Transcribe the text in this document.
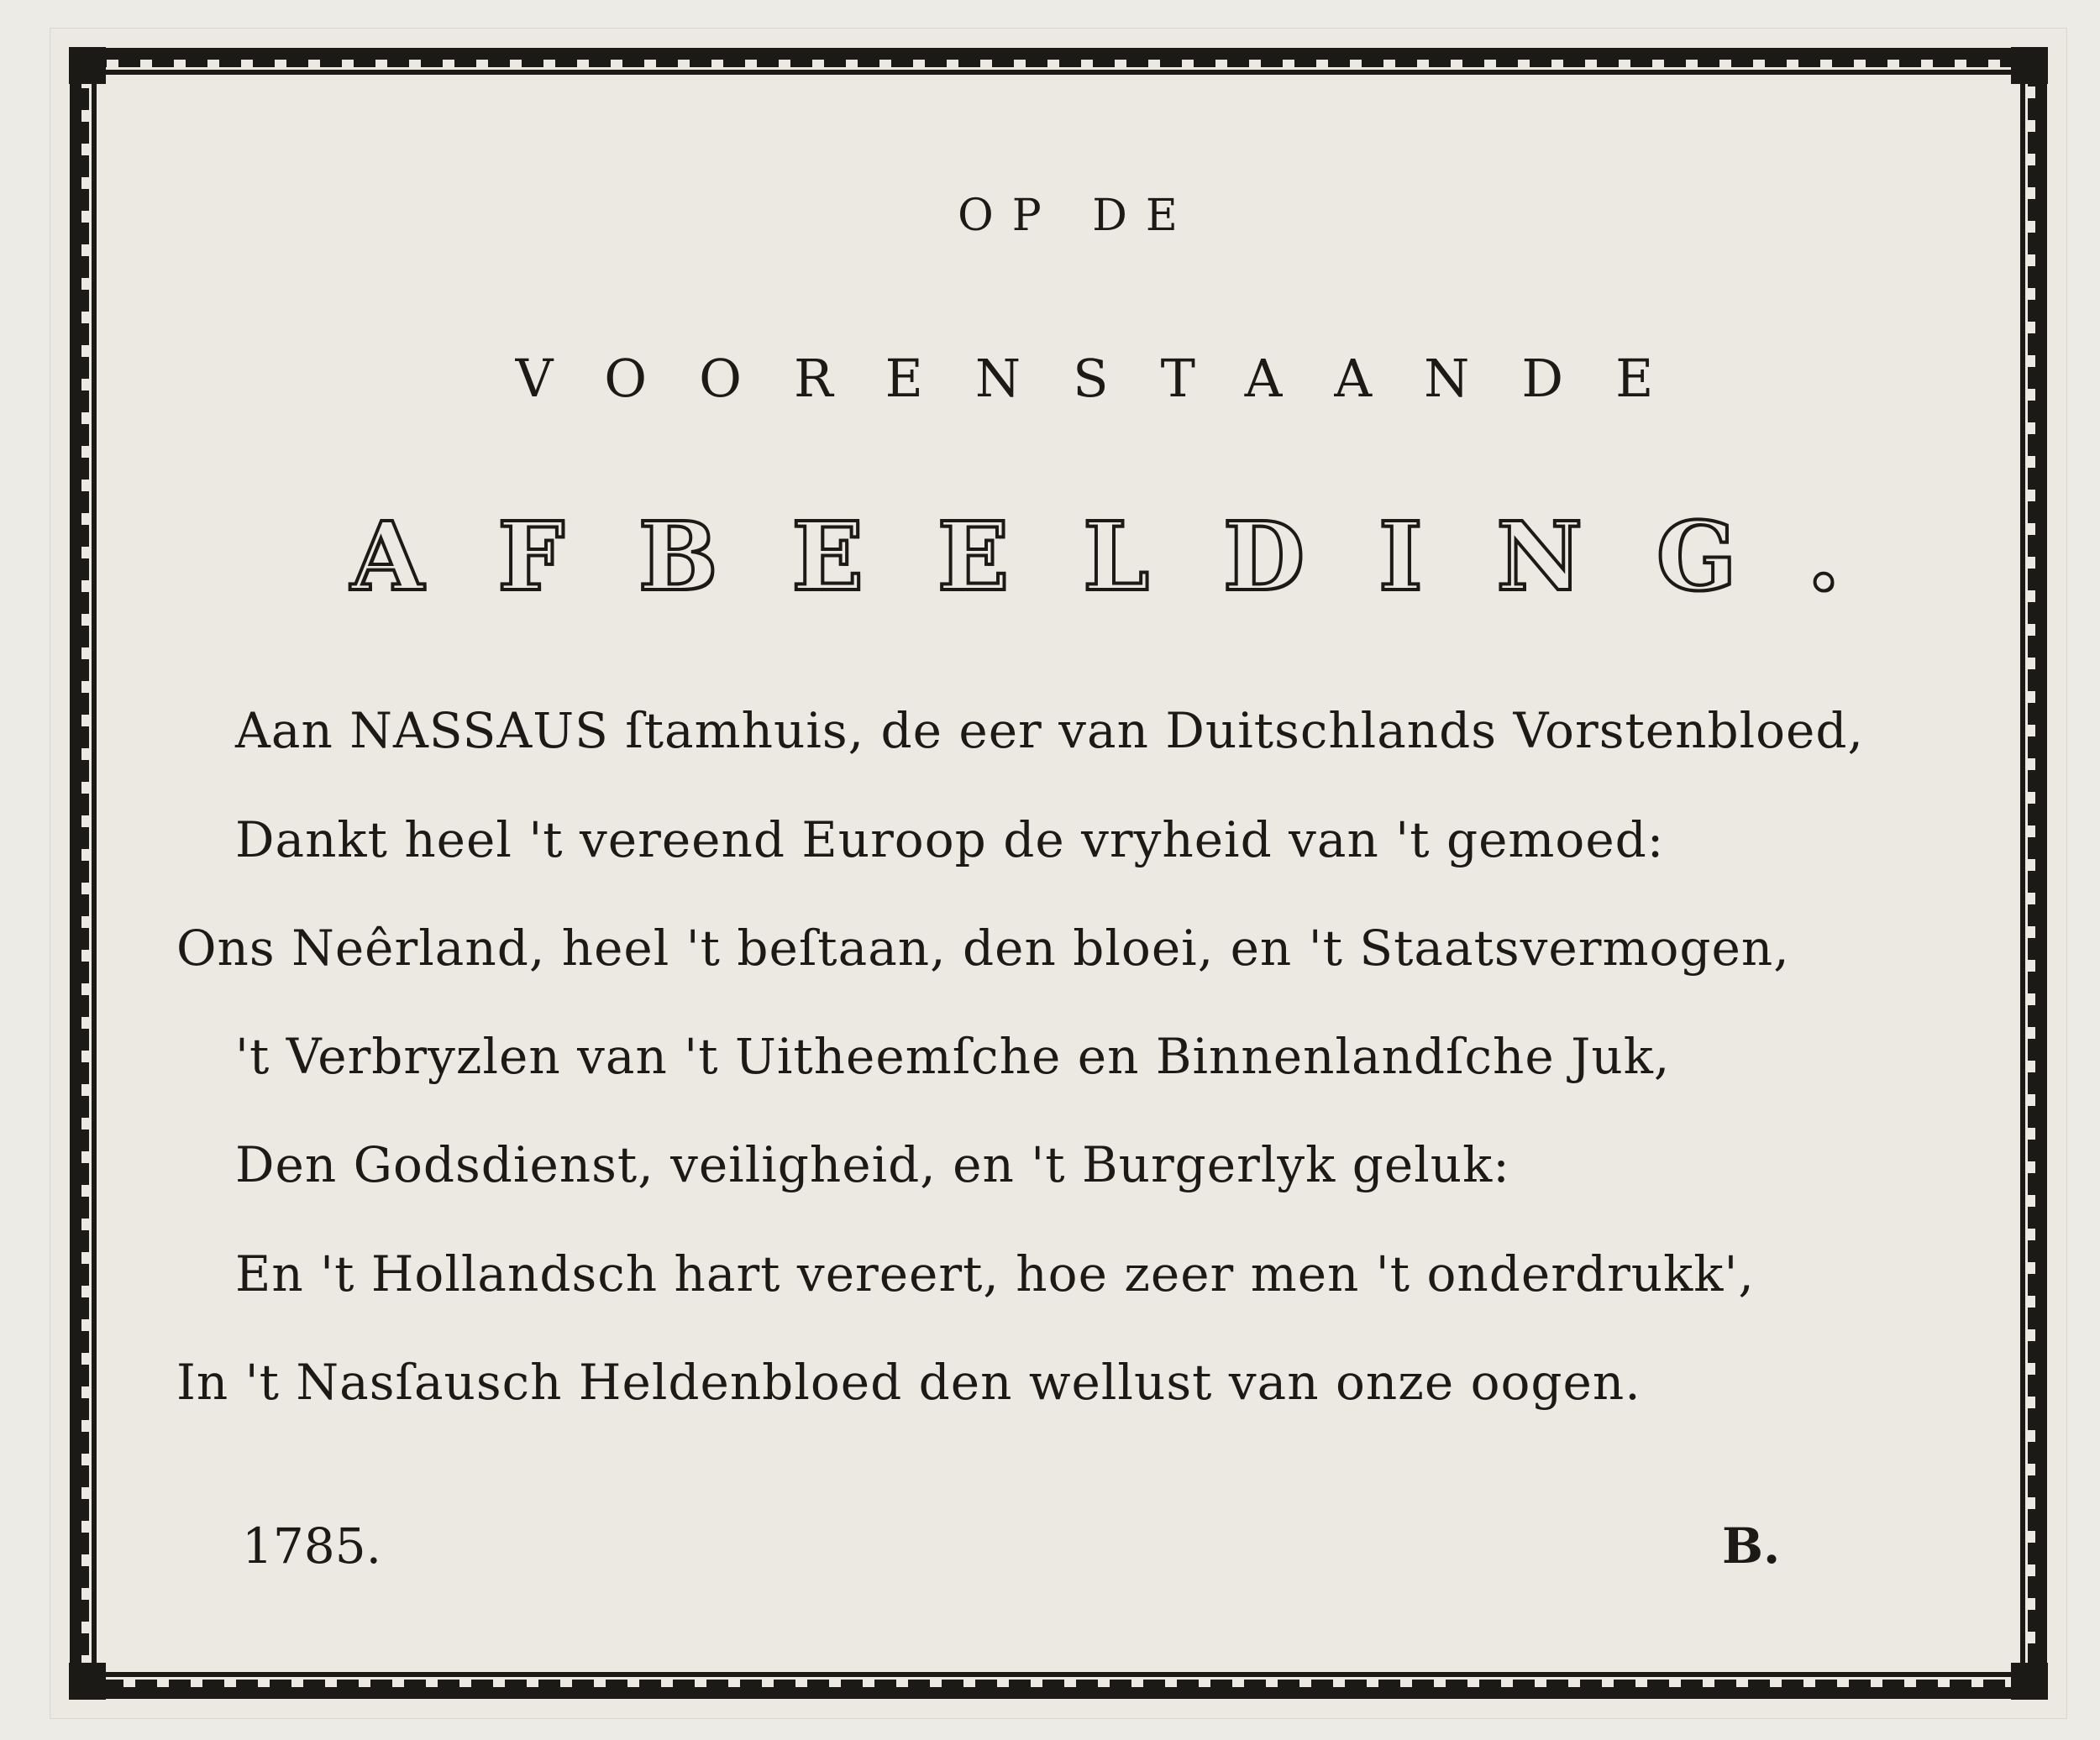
OP DE
VOORENSTAANDE
AFBEELDING.
Aan NASSAUS ſtamhuis, de eer van Duitschlands Vorstenbloed,
Dankt heel 't vereend Euroop de vryheid van 't gemoed:
Ons Neêrland, heel 't beſtaan, den bloei, en 't Staatsvermogen,
't Verbryzlen van 't Uitheemſche en Binnenlandſche Juk,
Den Godsdienst, veiligheid, en 't Burgerlyk geluk:
En 't Hollandsch hart vereert, hoe zeer men 't onderdrukk',
In 't Nasſausch Heldenbloed den wellust van onze oogen.
1785.	B.
